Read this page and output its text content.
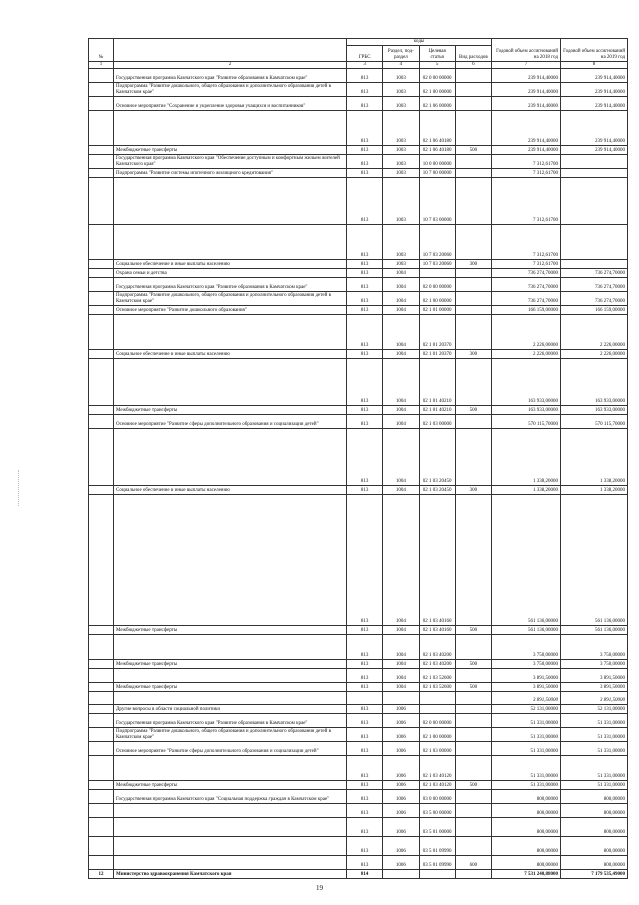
№		коды				Годовой объем ассигнований на 2018 год	Годовой объем ассигнований на 2019 год
		ГРБС	Раздел, под-раздел	Целевая статья	Вид расходов		
1	2	3	4	5	6	7	8
	Государственная программа Камчатского края "Развитие образования в Камчатском крае"	813	1003	02 0 00 00000		239 914,40000	239 914,40000
	Подпрограмма "Развитие дошкольного, общего образования и дополнительного образования детей в Камчатском крае"	813	1003	02 1 00 00000		239 914,40000	239 914,40000
	Основное мероприятие "Сохранение и укрепление здоровья учащихся и воспитанников"	813	1003	02 1 06 00000		239 914,40000	239 914,40000
		813	1003	02 1 06 40180		239 914,40000	239 914,40000
	Межбюджетные трансферты	813	1003	02 1 06 40180	500	239 914,40000	239 914,40000
	Государственная программа Камчатского края "Обеспечение доступным и комфортным жильем жителей Камчатского края"	813	1003	10 0 00 00000		7 312,61700	
	Подпрограмма "Развитие системы ипотечного жилищного кредитования"	813	1003	10 7 00 00000		7 312,61700	
		813	1003	10 7 03 00000		7 312,61700	
		813	1003	10 7 03 20060		7 312,61700	
	Социальное обеспечение и иные выплаты населению	813	1003	10 7 03 20060	300	7 312,61700	
	Охрана семьи и детства	813	1004			736 274,70000	736 274,70000
	Государственная программа Камчатского края "Развитие образования в Камчатском крае"	813	1004	02 0 00 00000		736 274,70000	736 274,70000
	Подпрограмма "Развитие дошкольного, общего образования и дополнительного образования детей в Камчатском крае"	813	1004	02 1 00 00000		736 274,70000	736 274,70000
	Основное мероприятие "Развитие дошкольного образования"	813	1004	02 1 01 00000		166 159,00000	166 159,00000
		813	1004	02 1 01 20370		2 226,00000	2 226,00000
	Социальное обеспечение и иные выплаты населению	813	1004	02 1 01 20370	300	2 226,00000	2 226,00000
		813	1004	02 1 01 40210		163 933,00000	163 933,00000
	Межбюджетные трансферты	813	1004	02 1 01 40210	500	163 933,00000	163 933,00000
	Основное мероприятие "Развитие сферы дополнительного образования и социализации детей"	813	1004	02 1 03 00000		570 115,70000	570 115,70000
		813	1004	02 1 03 20450		1 338,20000	1 338,20000
	Социальное обеспечение и иные выплаты населению	813	1004	02 1 03 20450	300	1 338,20000	1 338,20000
		813	1004	02 1 03 40160		561 136,00000	561 136,00000
	Межбюджетные трансферты	813	1004	02 1 03 40160	500	561 136,00000	561 136,00000
		813	1004	02 1 03 40200		3 750,00000	3 750,00000
	Межбюджетные трансферты	813	1004	02 1 03 40200	500	3 750,00000	3 750,00000
		813	1004	02 1 03 52600		3 891,50000	3 891,50000
	Межбюджетные трансферты	813	1004	02 1 03 52600	500	3 891,50000	3 891,50000
						3 891,50000	3 891,50000
	Другие вопросы в области социальной политики	813	1006			52 131,00000	52 131,00000
	Государственная программа Камчатского края "Развитие образования в Камчатском крае"	813	1006	02 0 00 00000		51 331,00000	51 331,00000
	Подпрограмма "Развитие дошкольного, общего образования и дополнительного образования детей в Камчатском крае"	813	1006	02 1 00 00000		51 331,00000	51 331,00000
	Основное мероприятие "Развитие сферы дополнительного образования и социализации детей"	813	1006	02 1 03 00000		51 331,00000	51 331,00000
		813	1006	02 1 03 40120		51 331,00000	51 331,00000
	Межбюджетные трансферты	813	1006	02 1 03 40120	500	51 331,00000	51 331,00000
	Государственная программа Камчатского края "Социальная поддержка граждан в Камчатском крае"	813	1006	03 0 00 00000		800,00000	800,00000
		813	1006	03 5 00 00000		800,00000	800,00000
		813	1006	03 5 01 00000		800,00000	800,00000
		813	1006	03 5 01 09990		800,00000	800,00000
		813	1006	03 5 01 09990	600	800,00000	800,00000
12	Министерство здравоохранения Камчатского края	814				7 531 240,88000	7 179 535,49000
19
